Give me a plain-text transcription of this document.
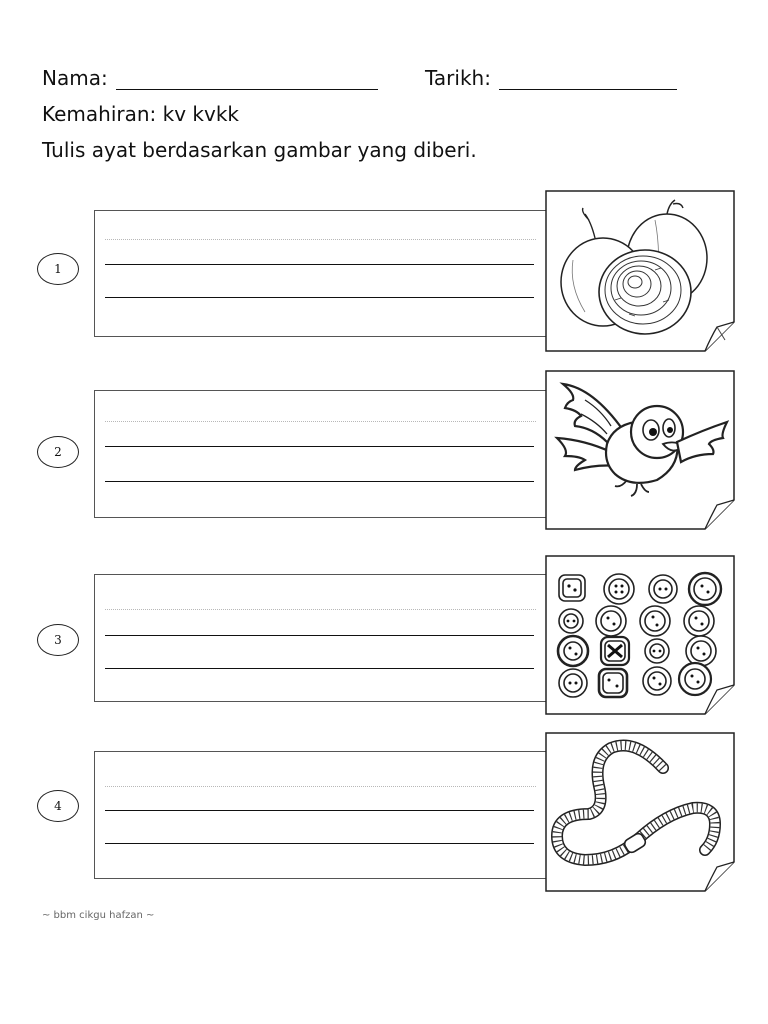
Nama:	Tarikh:
Kemahiran: kv kvkk
Tulis ayat berdasarkan gambar yang diberi.
1
2
3
4
~ bbm cikgu hafzan ~
